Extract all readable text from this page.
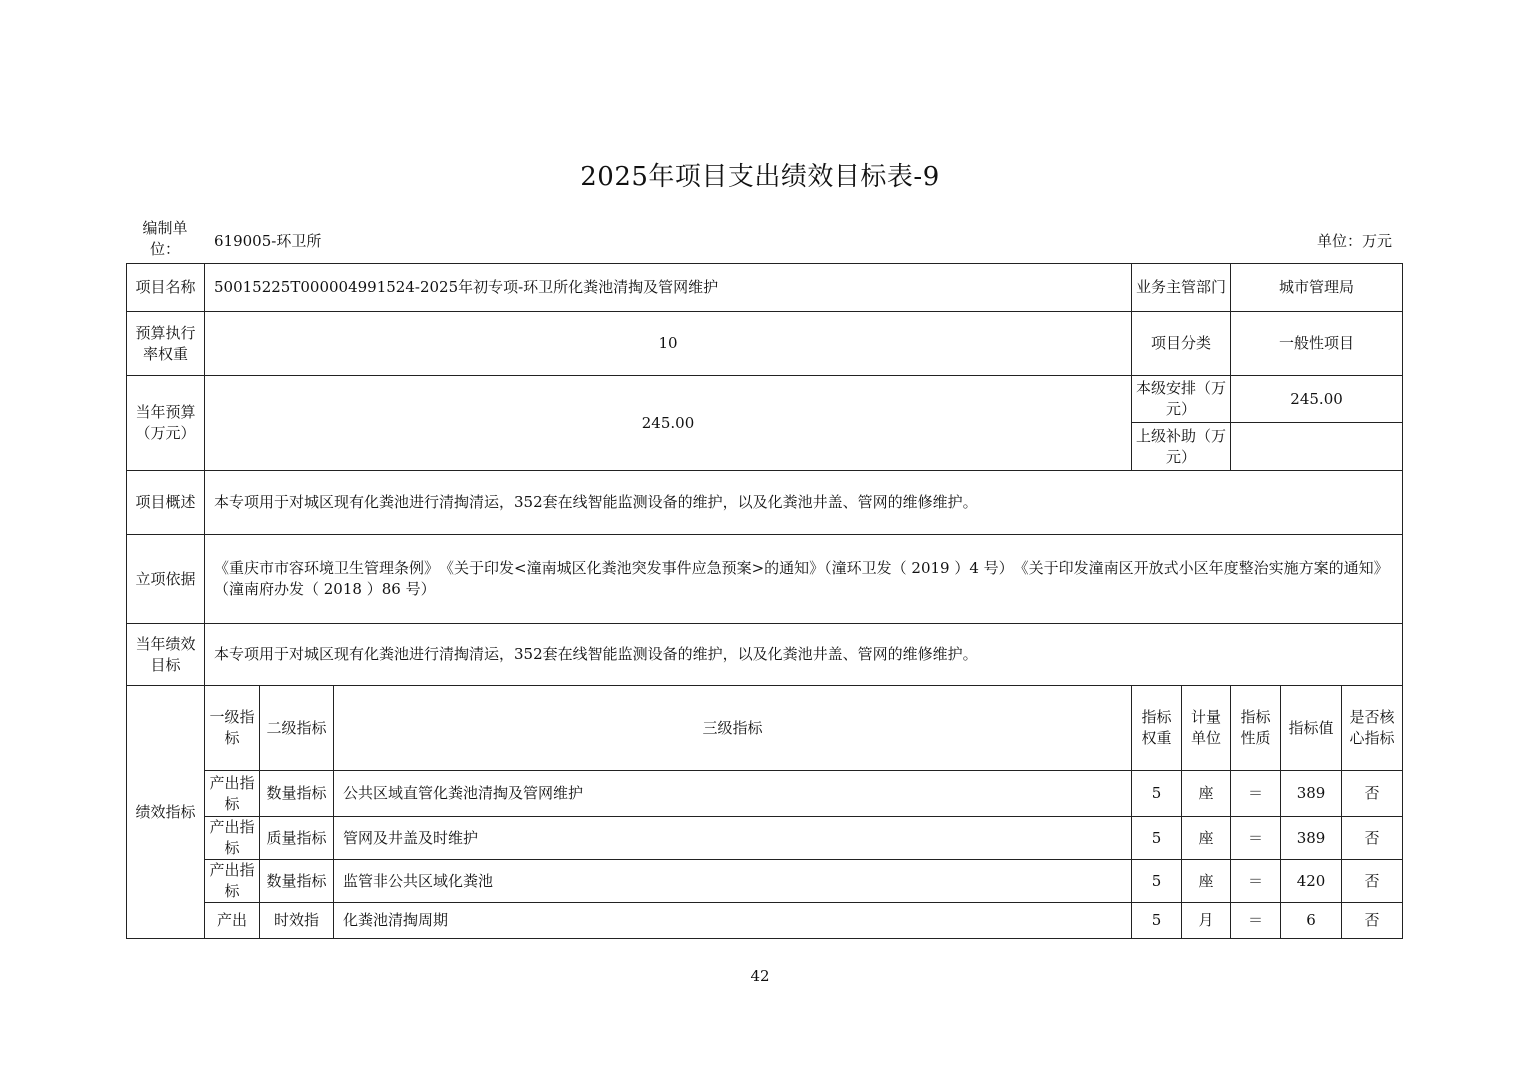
2025年项目支出绩效目标表-9
编制单位：	619005-环卫所	单位：万元
项目名称	50015225T000004991524-2025年初专项-环卫所化粪池清掏及管网维护			业务主管部门		城市管理局		
预算执行率权重	10			项目分类		一般性项目		
当年预算（万元）	245.00			本级安排（万元）		245.00		
				上级补助（万元）				
项目概述	本专项用于对城区现有化粪池进行清掏清运，352套在线智能监测设备的维护，以及化粪池井盖、管网的维修维护。							
立项依据	《重庆市市容环境卫生管理条例》　《关于印发<潼南城区化粪池突发事件应急预案>的通知》（潼环卫发（ 2019 ）4 号）　《关于印发潼南区开放式小区年度整治实施方案的通知》（潼南府办发（ 2018 ）86 号）							
当年绩效目标	本专项用于对城区现有化粪池进行清掏清运，352套在线智能监测设备的维护，以及化粪池井盖、管网的维修维护。							
绩效指标	一级指标	二级指标	三级指标	指标权重	计量单位	指标性质	指标值	是否核心指标
	产出指标	数量指标	公共区域直管化粪池清掏及管网维护	5	座	＝	389	否
	产出指标	质量指标	管网及井盖及时维护	5	座	＝	389	否
	产出指标	数量指标	监管非公共区域化粪池	5	座	＝	420	否
	产出	时效指	化粪池清掏周期	5	月	＝	6	否
42
